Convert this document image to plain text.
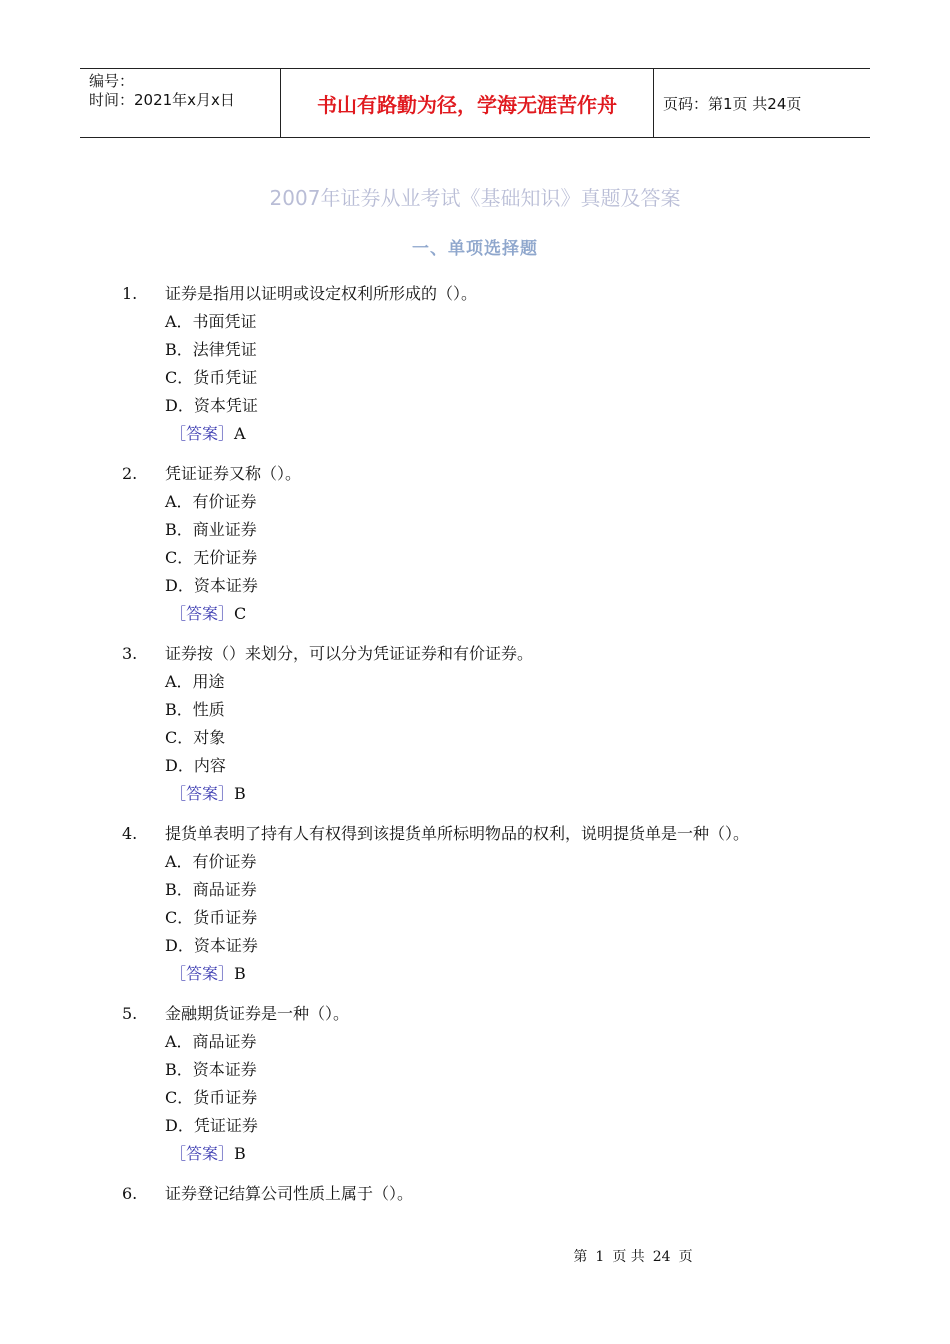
编号：
时间：2021年x月x日	书山有路勤为径，学海无涯苦作舟	页码：第1页 共24页
2007年证券从业考试《基础知识》真题及答案
一、单项选择题
1. 证券是指用以证明或设定权利所形成的（）。
A．书面凭证
B．法律凭证
C．货币凭证
D．资本凭证
［答案］A
2. 凭证证券又称（）。
A．有价证券
B．商业证券
C．无价证券
D．资本证券
［答案］C
3. 证券按（）来划分，可以分为凭证证券和有价证券。
A．用途
B．性质
C．对象
D．内容
［答案］B
4. 提货单表明了持有人有权得到该提货单所标明物品的权利，说明提货单是一种（）。
A．有价证券
B．商品证券
C．货币证券
D．资本证券
［答案］B
5. 金融期货证券是一种（）。
A．商品证券
B．资本证券
C．货币证券
D．凭证证券
［答案］B
6. 证券登记结算公司性质上属于（）。
第 1 页 共 24 页
